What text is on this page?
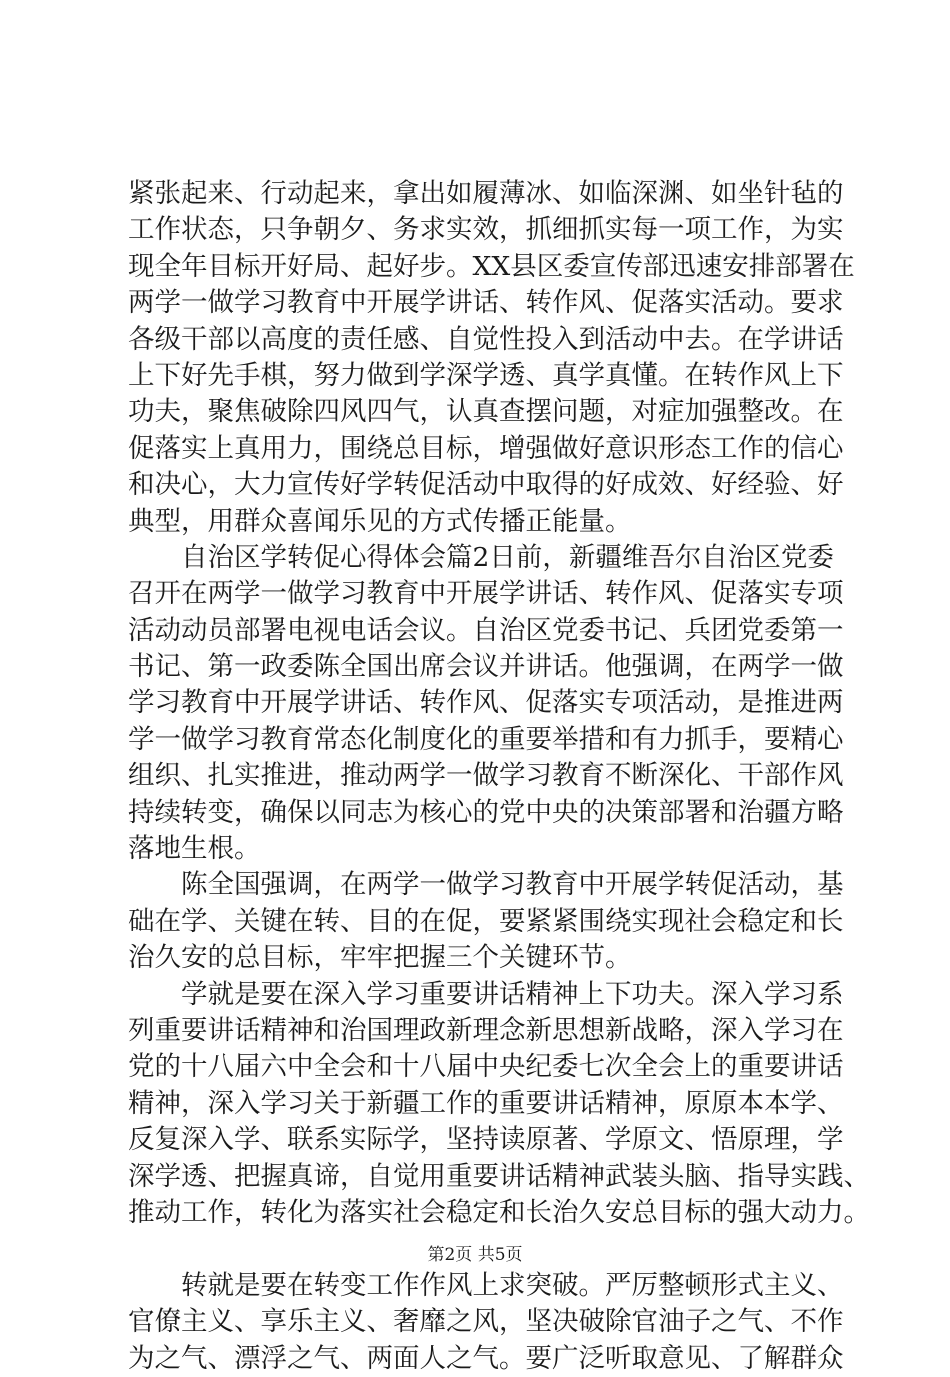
紧张起来、行动起来，拿出如履薄冰、如临深渊、如坐针毡的
工作状态，只争朝夕、务求实效，抓细抓实每一项工作，为实
现全年目标开好局、起好步。XX县区委宣传部迅速安排部署在
两学一做学习教育中开展学讲话、转作风、促落实活动。要求
各级干部以高度的责任感、自觉性投入到活动中去。在学讲话
上下好先手棋，努力做到学深学透、真学真懂。在转作风上下
功夫，聚焦破除四风四气，认真查摆问题，对症加强整改。在
促落实上真用力，围绕总目标，增强做好意识形态工作的信心
和决心，大力宣传好学转促活动中取得的好成效、好经验、好
典型，用群众喜闻乐见的方式传播正能量。
　　自治区学转促心得体会篇2日前，新疆维吾尔自治区党委
召开在两学一做学习教育中开展学讲话、转作风、促落实专项
活动动员部署电视电话会议。自治区党委书记、兵团党委第一
书记、第一政委陈全国出席会议并讲话。他强调，在两学一做
学习教育中开展学讲话、转作风、促落实专项活动，是推进两
学一做学习教育常态化制度化的重要举措和有力抓手，要精心
组织、扎实推进，推动两学一做学习教育不断深化、干部作风
持续转变，确保以同志为核心的党中央的决策部署和治疆方略
落地生根。
　　陈全国强调，在两学一做学习教育中开展学转促活动，基
础在学、关键在转、目的在促，要紧紧围绕实现社会稳定和长
治久安的总目标，牢牢把握三个关键环节。
　　学就是要在深入学习重要讲话精神上下功夫。深入学习系
列重要讲话精神和治国理政新理念新思想新战略，深入学习在
党的十八届六中全会和十八届中央纪委七次全会上的重要讲话
精神，深入学习关于新疆工作的重要讲话精神，原原本本学、
反复深入学、联系实际学，坚持读原著、学原文、悟原理，学
深学透、把握真谛，自觉用重要讲话精神武装头脑、指导实践、
推动工作，转化为落实社会稳定和长治久安总目标的强大动力。
　　转就是要在转变工作作风上求突破。严厉整顿形式主义、
官僚主义、享乐主义、奢靡之风，坚决破除官油子之气、不作
为之气、漂浮之气、两面人之气。要广泛听取意见、了解群众
第2页 共5页
